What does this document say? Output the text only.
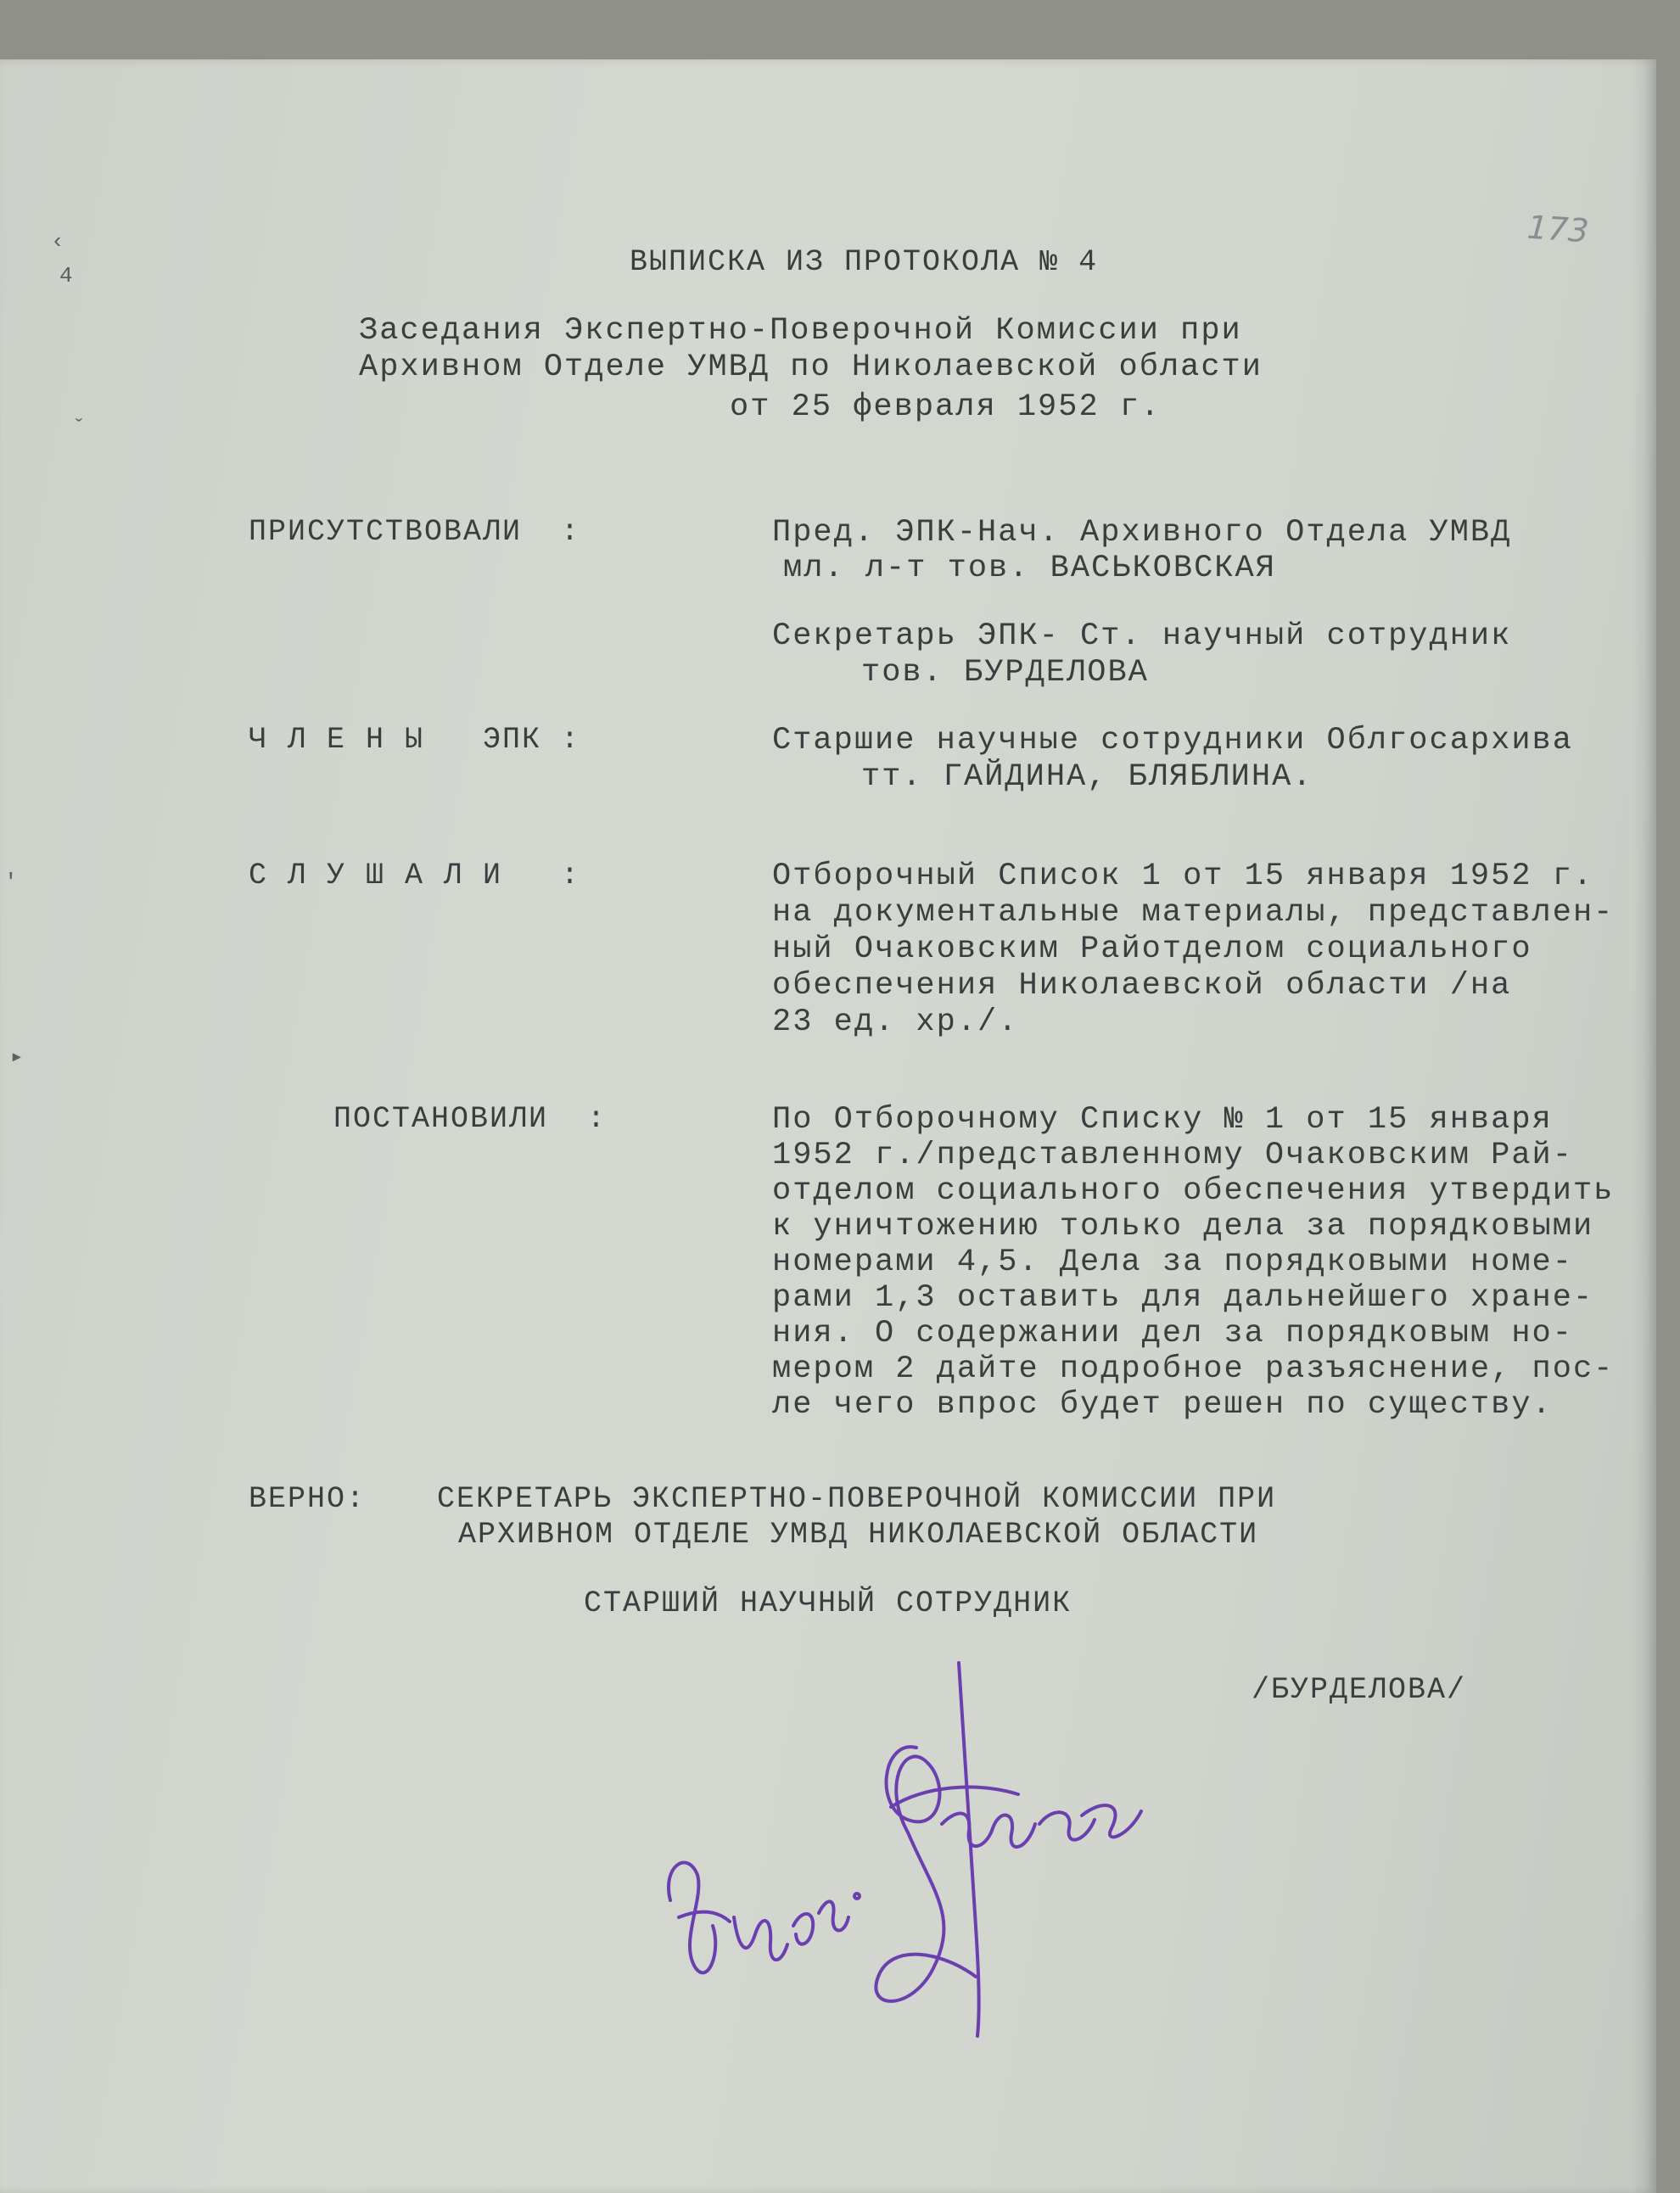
‹
4
ˇ
'
▸
173
ВЫПИСКА ИЗ ПРОТОКОЛА № 4
Заседания Экспертно-Поверочной Комиссии при
Архивном Отделе УМВД по Николаевской области
от 25 февраля 1952 г.
ПРИСУТСТВОВАЛИ  :	Пред. ЭПК-Нач. Архивного Отдела УМВД
мл. л-т тов. ВАСЬКОВСКАЯ
Секретарь ЭПК- Ст. научный сотрудник
тов. БУРДЕЛОВА
Ч Л Е Н Ы   ЭПК :	Старшие научные сотрудники Облгосархива
тт. ГАЙДИНА, БЛЯБЛИНА.
С Л У Ш А Л И   :	Отборочный Список 1 от 15 января 1952 г.
на документальные материалы, представлен-
ный Очаковским Райотделом социального
обеспечения Николаевской области /на
23 ед. хр./.
ПОСТАНОВИЛИ  :	По Отборочному Списку № 1 от 15 января
1952 г./представленному Очаковским Рай-
отделом социального обеспечения утвердить
к уничтожению только дела за порядковыми
номерами 4,5. Дела за порядковыми номе-
рами 1,3 оставить для дальнейшего хране-
ния. О содержании дел за порядковым но-
мером 2 дайте подробное разъяснение, пос-
ле чего впрос будет решен по существу.
ВЕРНО: СЕКРЕТАРЬ ЭКСПЕРТНО-ПОВЕРОЧНОЙ КОМИССИИ ПРИ
АРХИВНОМ ОТДЕЛЕ УМВД НИКОЛАЕВСКОЙ ОБЛАСТИ
СТАРШИЙ НАУЧНЫЙ СОТРУДНИК
/БУРДЕЛОВА/
